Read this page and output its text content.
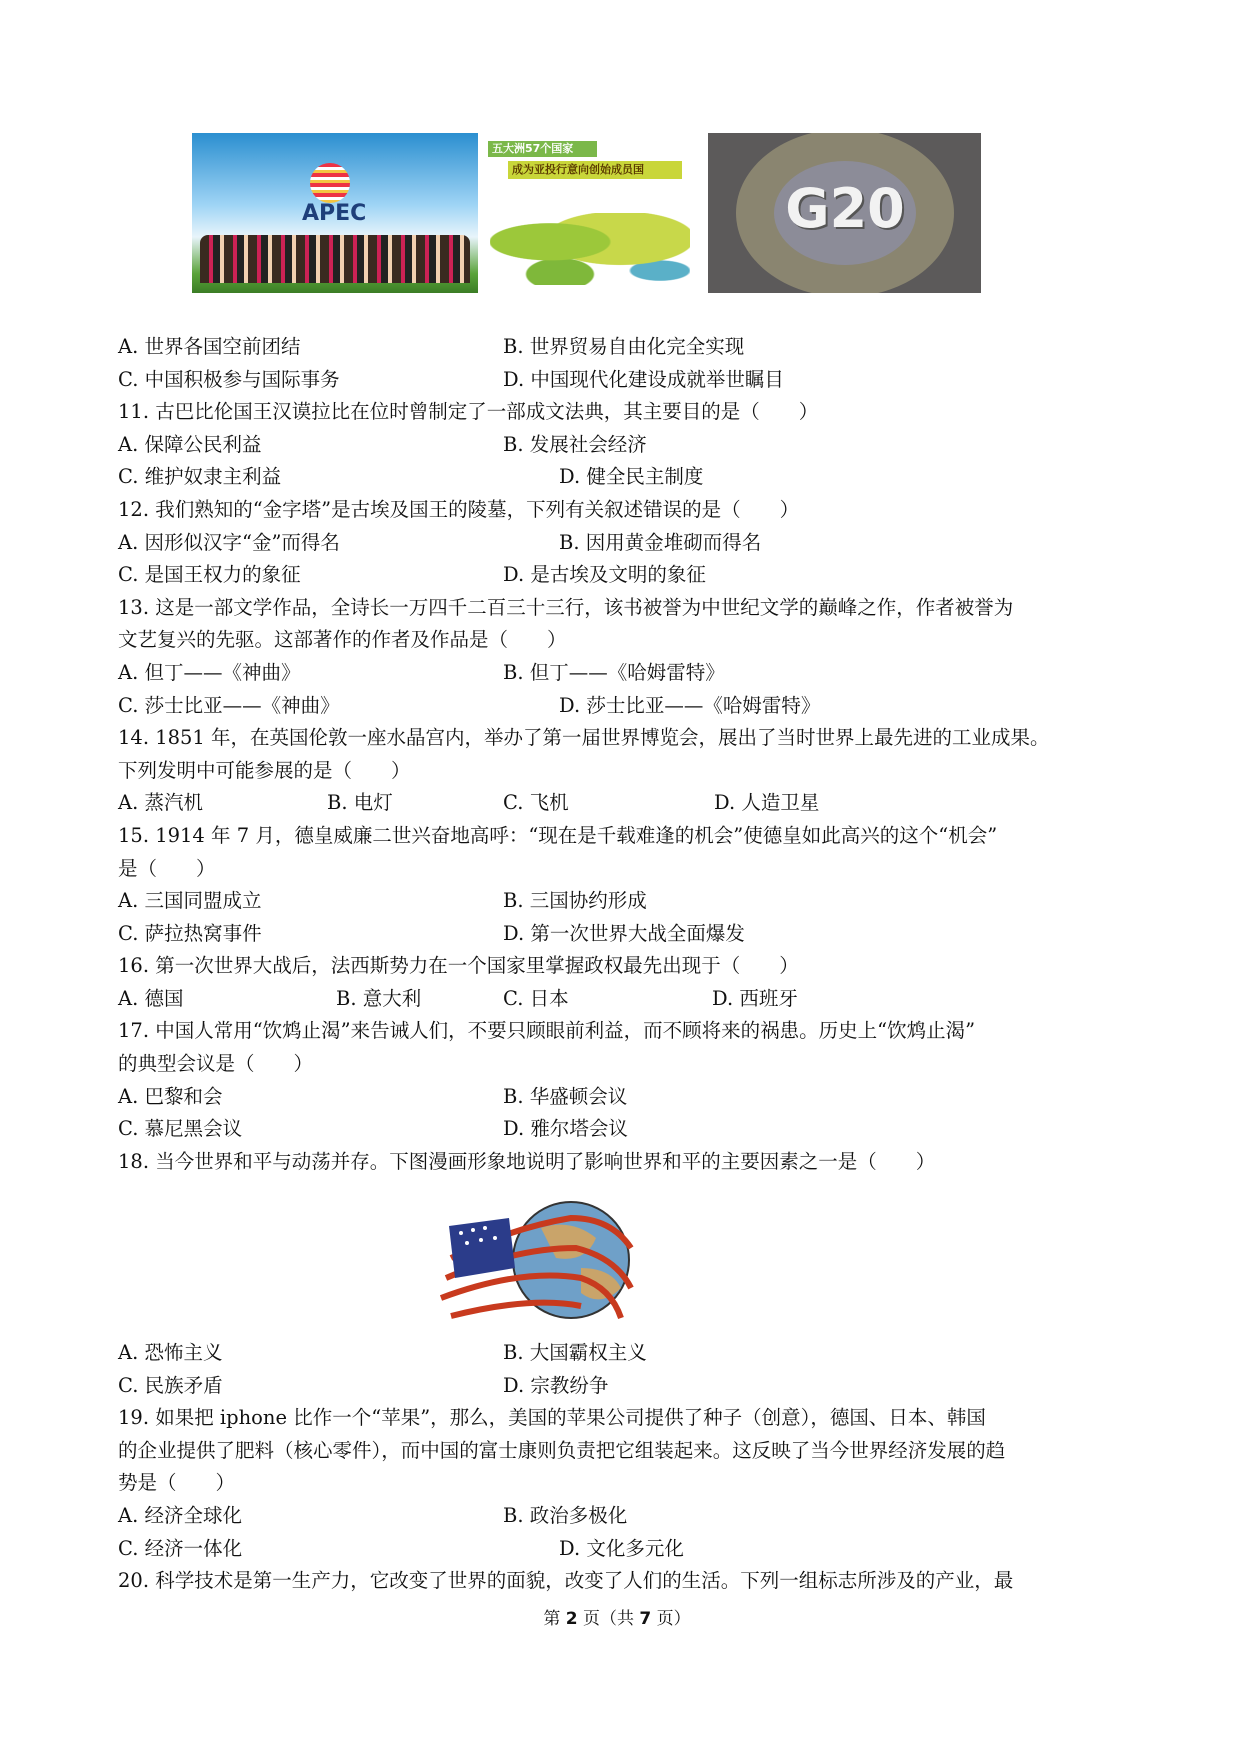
APEC
五大洲57个国家
成为亚投行意向创始成员国
G20
A. 世界各国空前团结	B. 世界贸易自由化完全实现
C. 中国积极参与国际事务	D. 中国现代化建设成就举世瞩目
11. 古巴比伦国王汉谟拉比在位时曾制定了一部成文法典，其主要目的是（　　）
A. 保障公民利益	B. 发展社会经济
C. 维护奴隶主利益	D. 健全民主制度
12. 我们熟知的“金字塔”是古埃及国王的陵墓，下列有关叙述错误的是（　　）
A. 因形似汉字“金”而得名	B. 因用黄金堆砌而得名
C. 是国王权力的象征	D. 是古埃及文明的象征
13. 这是一部文学作品，全诗长一万四千二百三十三行，该书被誉为中世纪文学的巅峰之作，作者被誉为
文艺复兴的先驱。这部著作的作者及作品是（　　）
A. 但丁——《神曲》	B. 但丁——《哈姆雷特》
C. 莎士比亚——《神曲》	D. 莎士比亚——《哈姆雷特》
14. 1851 年，在英国伦敦一座水晶宫内，举办了第一届世界博览会，展出了当时世界上最先进的工业成果。
下列发明中可能参展的是（　　）
A. 蒸汽机	B. 电灯	C. 飞机	D. 人造卫星
15. 1914 年 7 月，德皇威廉二世兴奋地高呼：“现在是千载难逢的机会”使德皇如此高兴的这个“机会”
是（　　）
A. 三国同盟成立	B. 三国协约形成
C. 萨拉热窝事件	D. 第一次世界大战全面爆发
16. 第一次世界大战后，法西斯势力在一个国家里掌握政权最先出现于（　　）
A. 德国	B. 意大利	C. 日本	D. 西班牙
17. 中国人常用“饮鸩止渴”来告诫人们，不要只顾眼前利益，而不顾将来的祸患。历史上“饮鸩止渴”
的典型会议是（　　）
A. 巴黎和会	B. 华盛顿会议
C. 慕尼黑会议	D. 雅尔塔会议
18. 当今世界和平与动荡并存。下图漫画形象地说明了影响世界和平的主要因素之一是（　　）
A. 恐怖主义	B. 大国霸权主义
C. 民族矛盾	D. 宗教纷争
19. 如果把 iphone 比作一个“苹果”，那么，美国的苹果公司提供了种子（创意），德国、日本、韩国
的企业提供了肥料（核心零件），而中国的富士康则负责把它组装起来。这反映了当今世界经济发展的趋
势是（　　）
A. 经济全球化	B. 政治多极化
C. 经济一体化	D. 文化多元化
20. 科学技术是第一生产力，它改变了世界的面貌，改变了人们的生活。下列一组标志所涉及的产业，最
第 2 页（共 7 页）
